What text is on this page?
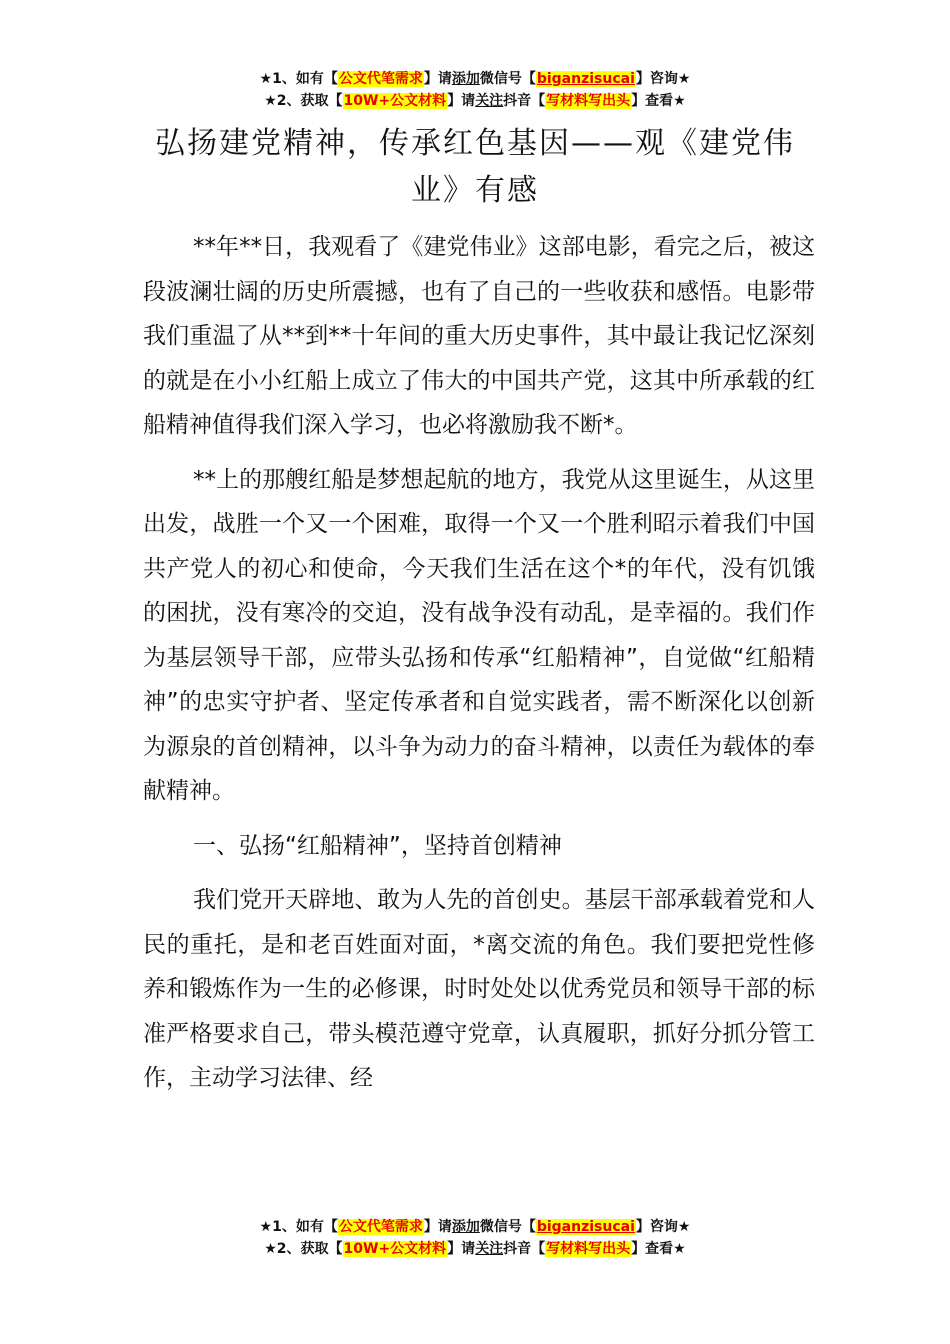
★1、如有【公文代笔需求】请添加微信号【biganzisucai】咨询★
★2、获取【10W+公文材料】请关注抖音【写材料写出头】查看★
弘扬建党精神，传承红色基因——观《建党伟业》有感

**年**日，我观看了《建党伟业》这部电影，看完之后，被这段波澜壮阔的历史所震撼，也有了自己的一些收获和感悟。电影带我们重温了从**到**十年间的重大历史事件，其中最让我记忆深刻的就是在小小红船上成立了伟大的中国共产党，这其中所承载的红船精神值得我们深入学习，也必将激励我不断*。

**上的那艘红船是梦想起航的地方，我党从这里诞生，从这里出发，战胜一个又一个困难，取得一个又一个胜利昭示着我们中国共产党人的初心和使命，今天我们生活在这个*的年代，没有饥饿的困扰，没有寒冷的交迫，没有战争没有动乱，是幸福的。我们作为基层领导干部，应带头弘扬和传承“红船精神”，自觉做“红船精神”的忠实守护者、坚定传承者和自觉实践者，需不断深化以创新为源泉的首创精神，以斗争为动力的奋斗精神，以责任为载体的奉献精神。

一、弘扬“红船精神”，坚持首创精神

我们党开天辟地、敢为人先的首创史。基层干部承载着党和人民的重托，是和老百姓面对面，*离交流的角色。我们要把党性修养和锻炼作为一生的必修课，时时处处以优秀党员和领导干部的标准严格要求自己，带头模范遵守党章，认真履职，抓好分抓分管工作，主动学习法律、经

★1、如有【公文代笔需求】请添加微信号【biganzisucai】咨询★
★2、获取【10W+公文材料】请关注抖音【写材料写出头】查看★
